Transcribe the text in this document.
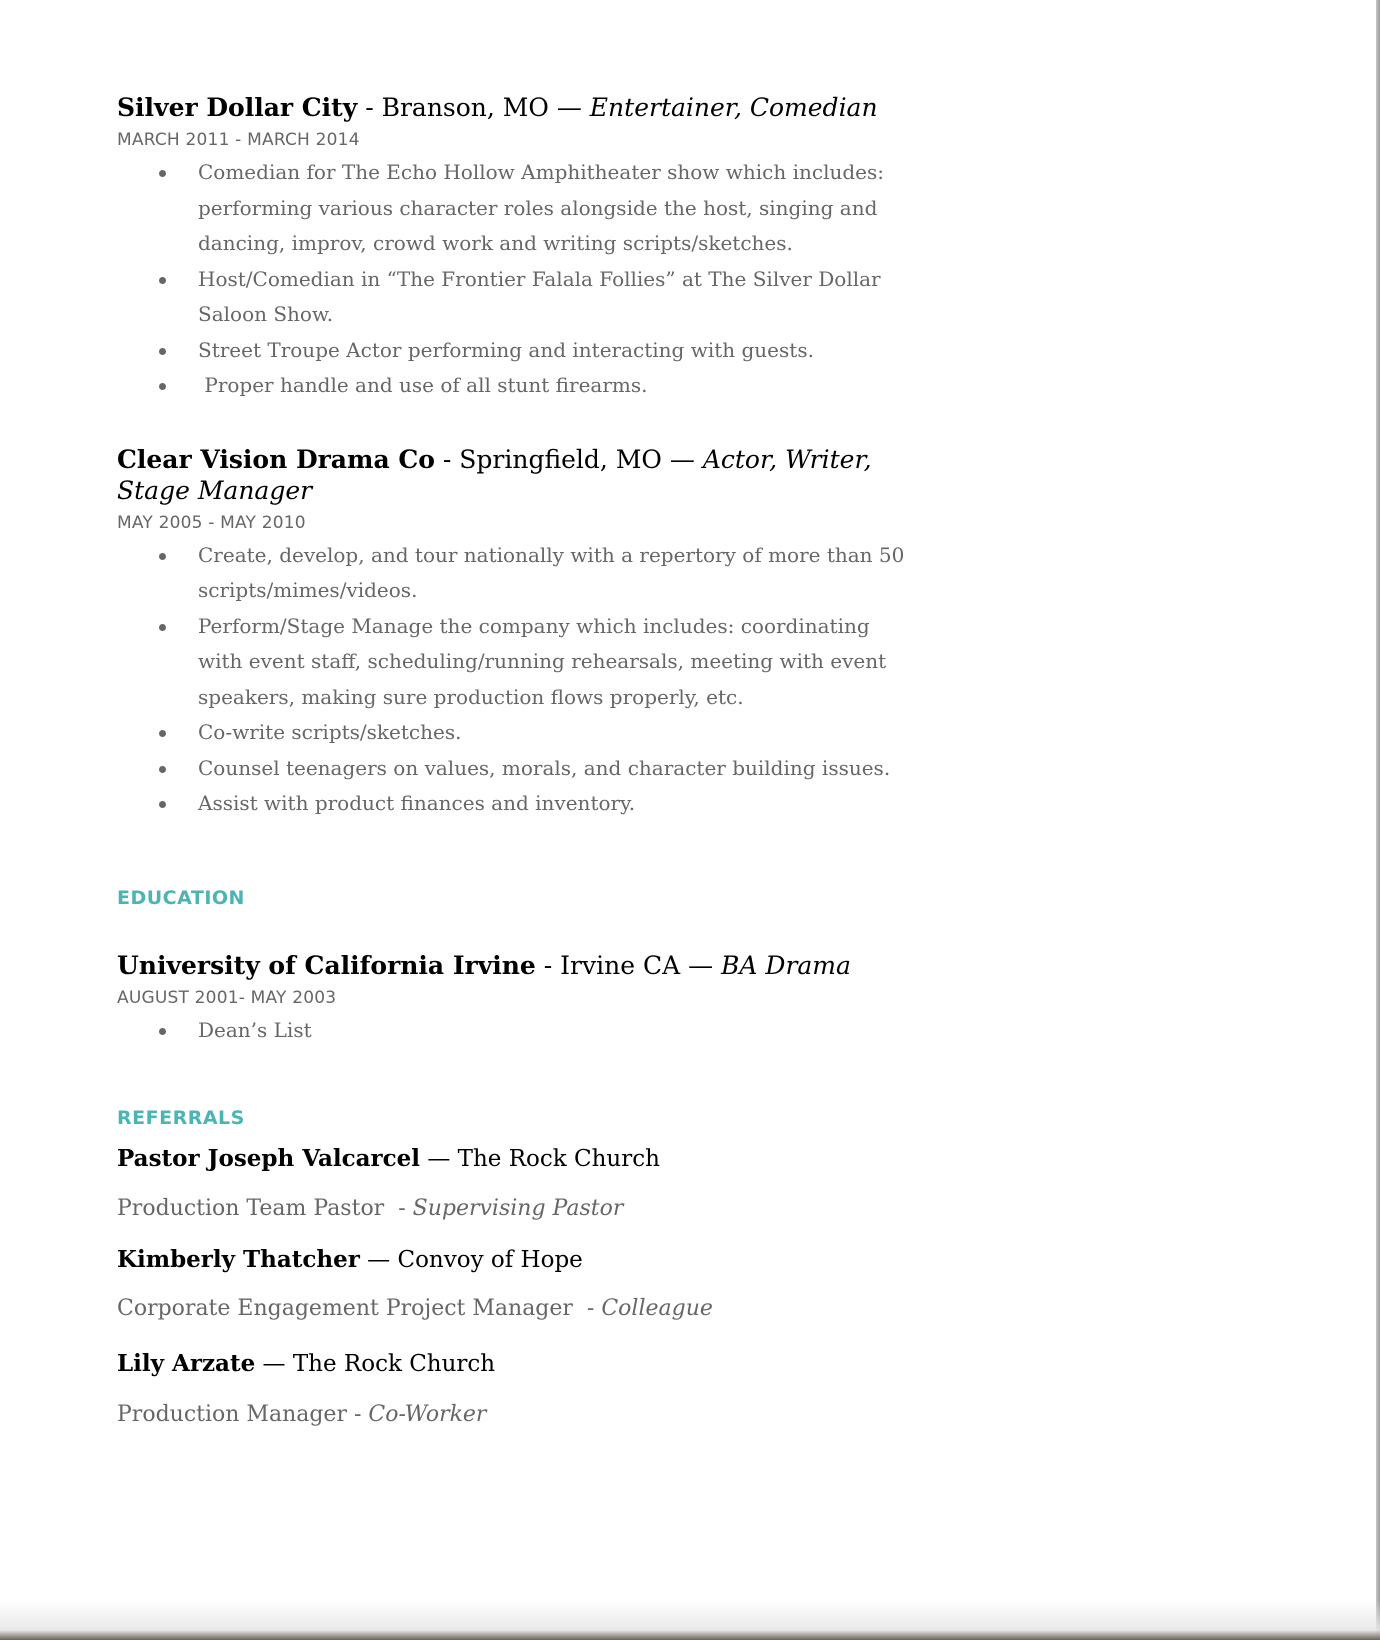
Silver Dollar City - Branson, MO — Entertainer, Comedian
MARCH 2011 - MARCH 2014
Comedian for The Echo Hollow Amphitheater show which includes: performing various character roles alongside the host, singing and dancing, improv, crowd work and writing scripts/sketches.
Host/Comedian in “The Frontier Falala Follies” at The Silver Dollar Saloon Show.
Street Troupe Actor performing and interacting with guests.
Proper handle and use of all stunt firearms.
Clear Vision Drama Co - Springfield, MO — Actor, Writer, Stage Manager
MAY 2005 - MAY 2010
Create, develop, and tour nationally with a repertory of more than 50 scripts/mimes/videos.
Perform/Stage Manage the company which includes: coordinating with event staff, scheduling/running rehearsals, meeting with event speakers, making sure production flows properly, etc.
Co-write scripts/sketches.
Counsel teenagers on values, morals, and character building issues.
Assist with product finances and inventory.
EDUCATION
University of California Irvine - Irvine CA — BA Drama
AUGUST 2001- MAY 2003
Dean’s List
REFERRALS
Pastor Joseph Valcarcel — The Rock Church
Production Team Pastor  - Supervising Pastor
Kimberly Thatcher — Convoy of Hope
Corporate Engagement Project Manager  - Colleague
Lily Arzate — The Rock Church
Production Manager - Co-Worker
